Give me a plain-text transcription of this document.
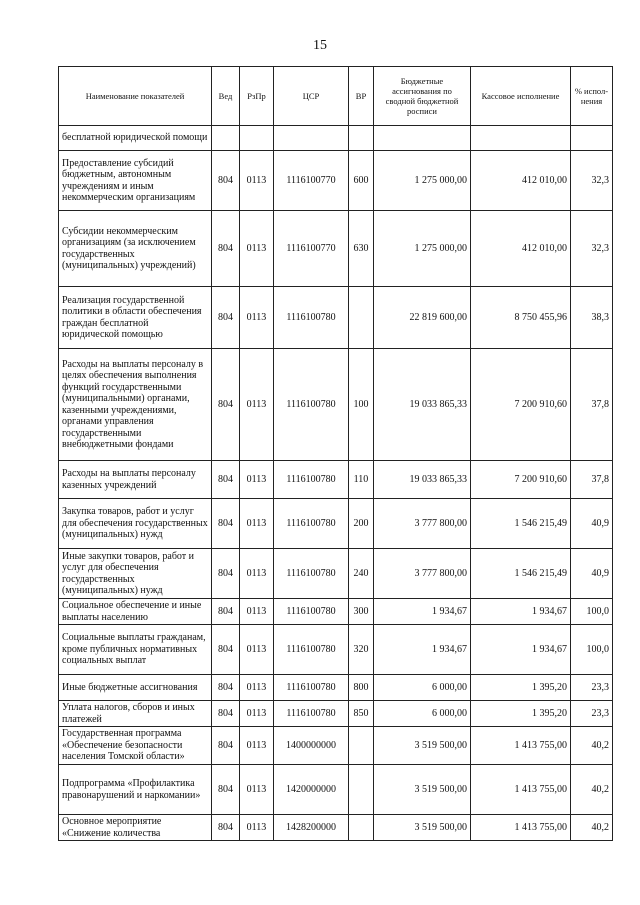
15
Наименование показателей	Вед	РзПр	ЦСР	ВР	Бюджетные ассигнования по сводной бюджетной росписи	Кассовое исполнение	% испол-нения
бесплатной юридической помощи							
Предоставление субсидий бюджетным, автономным учреждениям и иным некоммерческим организациям	804	0113	1116100770	600	1 275 000,00	412 010,00	32,3
Субсидии некоммерческим организациям (за исключением государственных (муниципальных) учреждений)	804	0113	1116100770	630	1 275 000,00	412 010,00	32,3
Реализация государственной политики в области обеспечения граждан бесплатной юридической помощью	804	0113	1116100780		22 819 600,00	8 750 455,96	38,3
Расходы на выплаты персоналу в целях обеспечения выполнения функций государственными (муниципальными) органами, казенными учреждениями, органами управления государственными внебюджетными фондами	804	0113	1116100780	100	19 033 865,33	7 200 910,60	37,8
Расходы на выплаты персоналу казенных учреждений	804	0113	1116100780	110	19 033 865,33	7 200 910,60	37,8
Закупка товаров, работ и услуг для обеспечения государственных (муниципальных) нужд	804	0113	1116100780	200	3 777 800,00	1 546 215,49	40,9
Иные закупки товаров, работ и услуг для обеспечения государственных (муниципальных) нужд	804	0113	1116100780	240	3 777 800,00	1 546 215,49	40,9
Социальное обеспечение и иные выплаты населению	804	0113	1116100780	300	1 934,67	1 934,67	100,0
Социальные выплаты гражданам, кроме публичных нормативных социальных выплат	804	0113	1116100780	320	1 934,67	1 934,67	100,0
Иные бюджетные ассигнования	804	0113	1116100780	800	6 000,00	1 395,20	23,3
Уплата налогов, сборов и иных платежей	804	0113	1116100780	850	6 000,00	1 395,20	23,3
Государственная программа «Обеспечение безопасности населения Томской области»	804	0113	1400000000		3 519 500,00	1 413 755,00	40,2
Подпрограмма «Профилактика правонарушений и наркомании»	804	0113	1420000000		3 519 500,00	1 413 755,00	40,2
Основное мероприятие «Снижение количества	804	0113	1428200000		3 519 500,00	1 413 755,00	40,2
